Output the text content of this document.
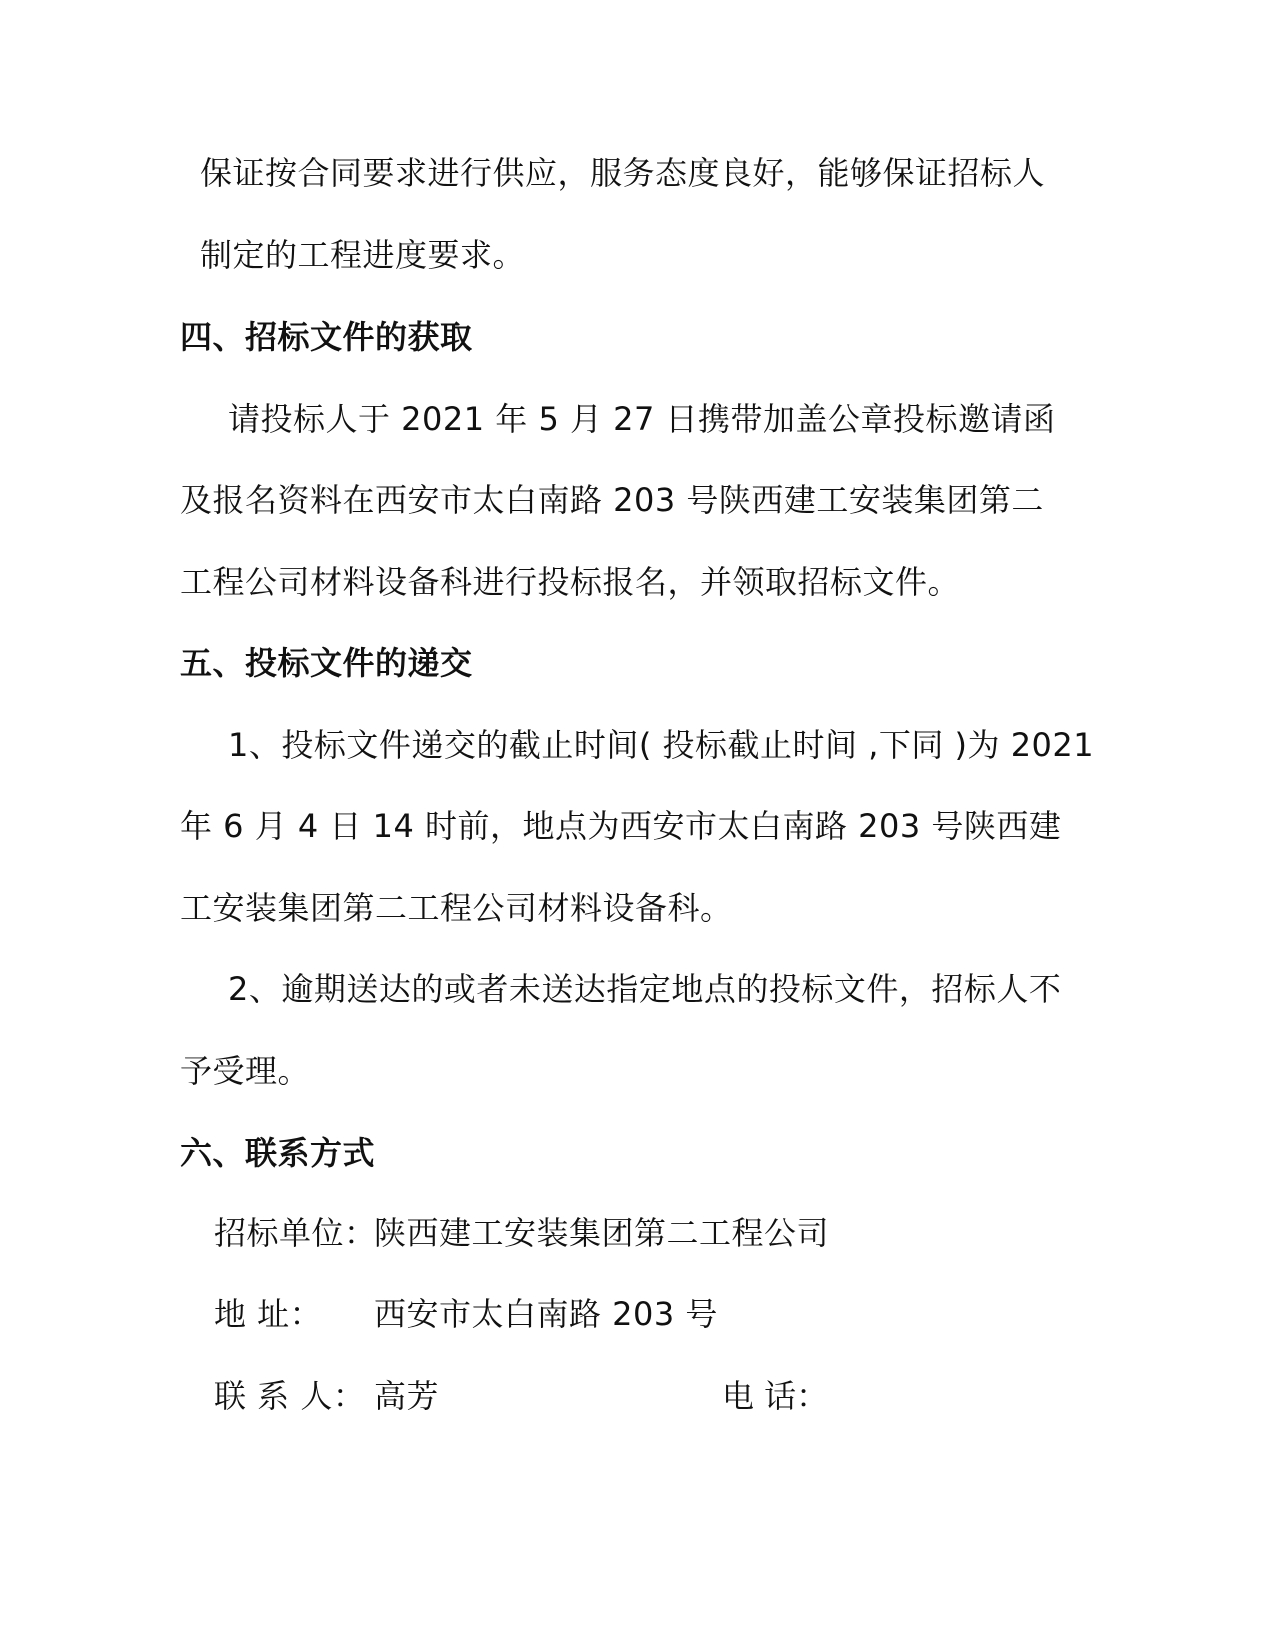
保证按合同要求进行供应，服务态度良好，能够保证招标人
制定的工程进度要求。
四、招标文件的获取
请投标人于 2021 年 5 月 27 日携带加盖公章投标邀请函
及报名资料在西安市太白南路 203 号陕西建工安装集团第二
工程公司材料设备科进行投标报名，并领取招标文件。
五、投标文件的递交
1、投标文件递交的截止时间( 投标截止时间 ,下同 )为 2021
年 6 月 4 日 14 时前，地点为西安市太白南路 203 号陕西建
工安装集团第二工程公司材料设备科。
2、逾期送达的或者未送达指定地点的投标文件，招标人不
予受理。
六、联系方式
招标单位：陕西建工安装集团第二工程公司
地 址： 西安市太白南路 203 号
联 系 人： 高芳	电 话：
